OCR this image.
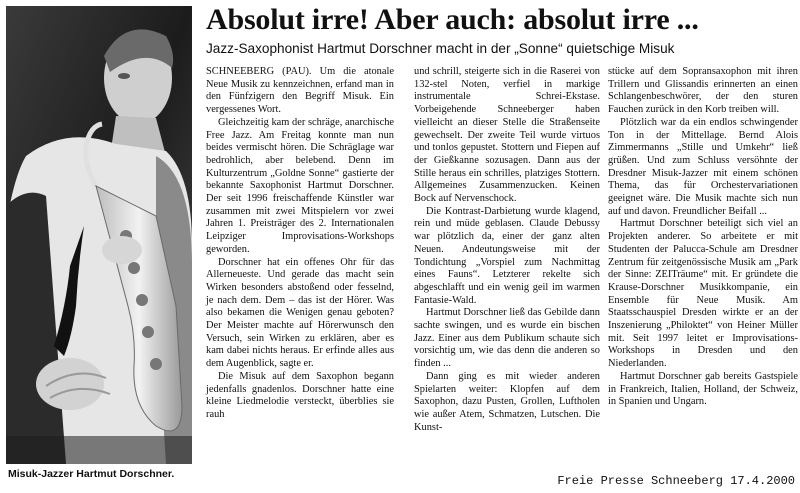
Misuk-Jazzer Hartmut Dorschner.
Absolut irre! Aber auch: absolut irre ...
Jazz-Saxophonist Hartmut Dorschner macht in der „Sonne“ quietschige Misuk

SCHNEEBERG (PAU). Um die atonale Neue Musik zu kennzeichnen, erfand man in den Fünfzigern den Begriff Misuk. Ein vergessenes Wort.

Gleichzeitig kam der schräge, anarchische Free Jazz. Am Freitag konnte man nun beides vermischt hören. Die Schräglage war bedrohlich, aber belebend. Denn im Kulturzentrum „Goldne Sonne“ gastierte der bekannte Saxophonist Hartmut Dorschner. Der seit 1996 freischaffende Künstler war zusammen mit zwei Mitspielern vor zwei Jahren 1. Preisträger des 2. Internationalen Leipziger Improvisations-Workshops geworden.

Dorschner hat ein offenes Ohr für das Allerneueste. Und gerade das macht sein Wirken besonders abstoßend oder fesselnd, je nach dem. Dem – das ist der Hörer. Was also bekamen die Wenigen genau geboten? Der Meister machte auf Hörerwunsch den Versuch, sein Wirken zu erklären, aber es kam dabei nichts heraus. Er erfinde alles aus dem Augenblick, sagte er.

Die Misuk auf dem Saxophon begann jedenfalls gnadenlos. Dorschner hatte eine kleine Liedmelodie versteckt, überblies sie rauh

und schrill, steigerte sich in die Raserei von 132-stel Noten, verfiel in markige instrumentale Schrei-Ekstase. Vorbeigehende Schneeberger haben vielleicht an dieser Stelle die Straßenseite gewechselt. Der zweite Teil wurde virtuos und tonlos gepustet. Stottern und Fiepen auf der Gießkanne sozusagen. Dann aus der Stille heraus ein schrilles, platziges Stottern. Allgemeines Zusammenzucken. Keinen Bock auf Nervenschock.

Die Kontrast-Darbietung wurde klagend, rein und müde geblasen. Claude Debussy war plötzlich da, einer der ganz alten Neuen. Andeutungsweise mit der Tondichtung „Vorspiel zum Nachmittag eines Fauns“. Letzterer rekelte sich abgeschlafft und ein wenig geil im warmen Fantasie-Wald.

Hartmut Dorschner ließ das Gebilde dann sachte swingen, und es wurde ein bischen Jazz. Einer aus dem Publikum schaute sich vorsichtig um, wie das denn die anderen so finden ...

Dann ging es mit wieder anderen Spielarten weiter: Klopfen auf dem Saxophon, dazu Pusten, Grollen, Luftholen wie außer Atem, Schmatzen, Lutschen. Die Kunst-

stücke auf dem Sopransaxophon mit ihren Trillern und Glissandis erinnerten an einen Schlangenbeschwörer, der den sturen Fauchen zurück in den Korb treiben will.

Plötzlich war da ein endlos schwingender Ton in der Mittellage. Bernd Alois Zimmermanns „Stille und Umkehr“ ließ grüßen. Und zum Schluss versöhnte der Dresdner Misuk-Jazzer mit einem schönen Thema, das für Orchestervariationen geeignet wäre. Die Musik machte sich nun auf und davon. Freundlicher Beifall ...

Hartmut Dorschner beteiligt sich viel an Projekten anderer. So arbeitete er mit Studenten der Palucca-Schule am Dresdner Zentrum für zeitgenössische Musik am „Park der Sinne: ZEITräume“ mit. Er gründete die Krause-Dorschner Musikkompanie, ein Ensemble für Neue Musik. Am Staatsschauspiel Dresden wirkte er an der Inszenierung „Philoktet“ von Heiner Müller mit. Seit 1997 leitet er Improvisations-Workshops in Dresden und den Niederlanden.

Hartmut Dorschner gab bereits Gastspiele in Frankreich, Italien, Holland, der Schweiz, in Spanien und Ungarn.

Freie Presse Schneeberg 17.4.2000
